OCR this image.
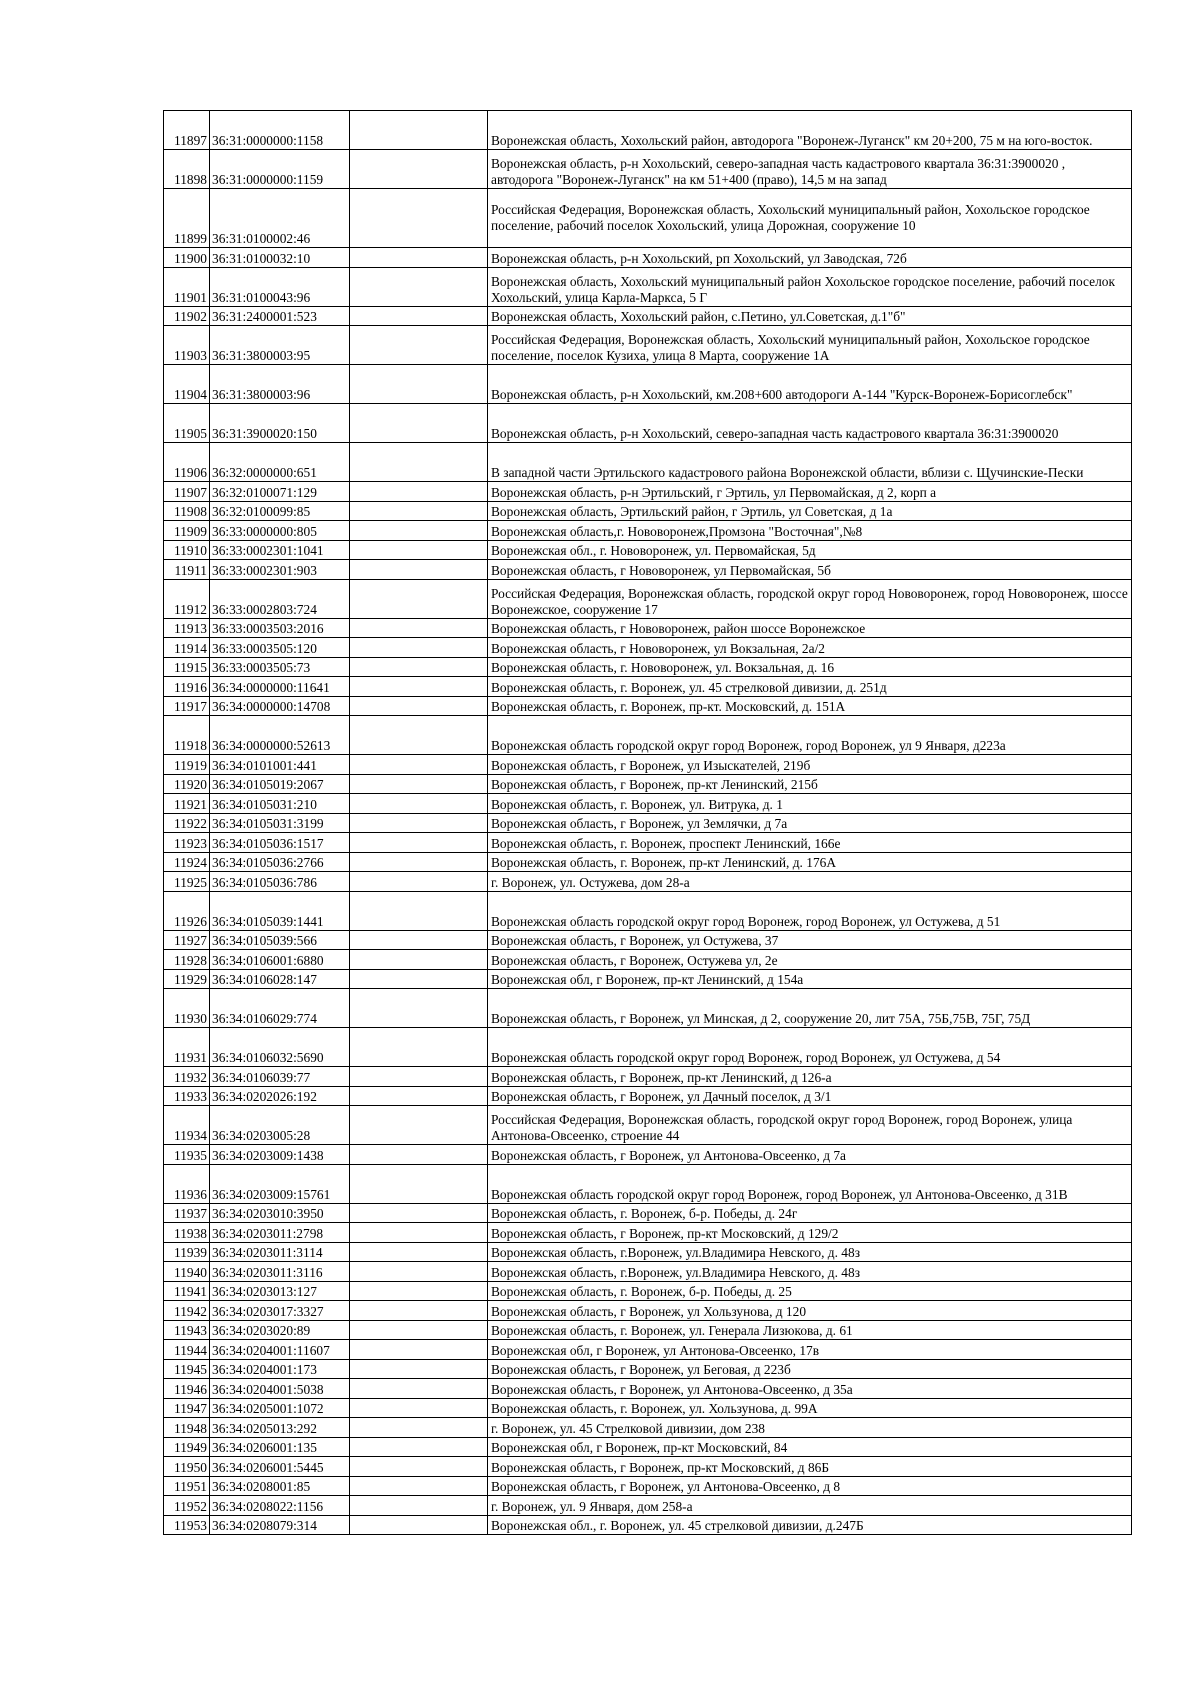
11897	36:31:0000000:1158		Воронежская область, Хохольский район, автодорога "Воронеж-Луганск" км 20+200, 75 м на юго-восток.
11898	36:31:0000000:1159		Воронежская область, р-н Хохольский, северо-западная часть кадастрового квартала 36:31:3900020 , автодорога "Воронеж-Луганск" на км 51+400 (право), 14,5 м на запад
11899	36:31:0100002:46		Российская Федерация, Воронежская область, Хохольский муниципальный район, Хохольское городское поселение, рабочий поселок Хохольский, улица Дорожная, сооружение 10
11900	36:31:0100032:10		Воронежская область, р-н Хохольский, рп Хохольский, ул Заводская, 72б
11901	36:31:0100043:96		Воронежская область, Хохольский муниципальный район Хохольское городское поселение, рабочий поселок Хохольский, улица Карла-Маркса, 5 Г
11902	36:31:2400001:523		Воронежская область, Хохольский район, с.Петино, ул.Советская, д.1"б"
11903	36:31:3800003:95		Российская Федерация, Воронежская область, Хохольский муниципальный район, Хохольское городское поселение, поселок Кузиха, улица 8 Марта, сооружение 1А
11904	36:31:3800003:96		Воронежская область, р-н Хохольский, км.208+600 автодороги А-144 "Курск-Воронеж-Борисоглебск"
11905	36:31:3900020:150		Воронежская область, р-н Хохольский, северо-западная часть кадастрового квартала 36:31:3900020
11906	36:32:0000000:651		В западной части Эртильского кадастрового района Воронежской области, вблизи с. Щучинские-Пески
11907	36:32:0100071:129		Воронежская область, р-н Эртильский, г Эртиль, ул Первомайская, д 2, корп а
11908	36:32:0100099:85		Воронежская область, Эртильский район, г Эртиль, ул Советская, д 1а
11909	36:33:0000000:805		Воронежская область,г. Нововоронеж,Промзона "Восточная",№8
11910	36:33:0002301:1041		Воронежская обл., г. Нововоронеж, ул. Первомайская, 5д
11911	36:33:0002301:903		Воронежская область, г Нововоронеж, ул Первомайская, 5б
11912	36:33:0002803:724		Российская Федерация, Воронежская область, городской округ город Нововоронеж, город Нововоронеж, шоссе Воронежское, сооружение 17
11913	36:33:0003503:2016		Воронежская область, г Нововоронеж, район шоссе Воронежское
11914	36:33:0003505:120		Воронежская область, г Нововоронеж, ул Вокзальная, 2а/2
11915	36:33:0003505:73		Воронежская область, г. Нововоронеж, ул. Вокзальная, д. 16
11916	36:34:0000000:11641		Воронежская область, г. Воронеж, ул. 45 стрелковой дивизии, д. 251д
11917	36:34:0000000:14708		Воронежская область, г. Воронеж, пр-кт. Московский, д. 151А
11918	36:34:0000000:52613		Воронежская область городской округ город Воронеж, город Воронеж, ул 9 Января, д223а
11919	36:34:0101001:441		Воронежская область, г Воронеж, ул Изыскателей, 219б
11920	36:34:0105019:2067		Воронежская область, г Воронеж, пр-кт Ленинский, 215б
11921	36:34:0105031:210		Воронежская область, г. Воронеж, ул. Витрука, д. 1
11922	36:34:0105031:3199		Воронежская область, г Воронеж, ул Землячки, д 7а
11923	36:34:0105036:1517		Воронежская область, г. Воронеж, проспект Ленинский, 166е
11924	36:34:0105036:2766		Воронежская область, г. Воронеж, пр-кт Ленинский, д. 176А
11925	36:34:0105036:786		г. Воронеж, ул. Остужева, дом 28-а
11926	36:34:0105039:1441		Воронежская область городской округ город Воронеж, город Воронеж, ул Остужева, д 51
11927	36:34:0105039:566		Воронежская область, г Воронеж, ул Остужева, 37
11928	36:34:0106001:6880		Воронежская область, г Воронеж, Остужева ул, 2е
11929	36:34:0106028:147		Воронежская обл, г Воронеж, пр-кт Ленинский, д 154а
11930	36:34:0106029:774		Воронежская область, г Воронеж, ул Минская, д 2, сооружение 20, лит 75А, 75Б,75В, 75Г, 75Д
11931	36:34:0106032:5690		Воронежская область городской округ город Воронеж, город Воронеж, ул Остужева, д 54
11932	36:34:0106039:77		Воронежская область, г Воронеж, пр-кт Ленинский, д 126-а
11933	36:34:0202026:192		Воронежская область, г Воронеж, ул Дачный поселок, д 3/1
11934	36:34:0203005:28		Российская Федерация, Воронежская область, городской округ город Воронеж, город Воронеж, улица Антонова-Овсеенко, строение 44
11935	36:34:0203009:1438		Воронежская область, г Воронеж, ул Антонова-Овсеенко, д 7а
11936	36:34:0203009:15761		Воронежская область городской округ город Воронеж, город Воронеж, ул Антонова-Овсеенко, д 31В
11937	36:34:0203010:3950		Воронежская область, г. Воронеж, б-р. Победы, д. 24г
11938	36:34:0203011:2798		Воронежская область, г Воронеж, пр-кт Московский, д 129/2
11939	36:34:0203011:3114		Воронежская область, г.Воронеж, ул.Владимира Невского, д. 48з
11940	36:34:0203011:3116		Воронежская область, г.Воронеж, ул.Владимира Невского, д. 48з
11941	36:34:0203013:127		Воронежская область, г. Воронеж, б-р. Победы, д. 25
11942	36:34:0203017:3327		Воронежская область, г Воронеж, ул Хользунова, д 120
11943	36:34:0203020:89		Воронежская область, г. Воронеж, ул. Генерала Лизюкова, д. 61
11944	36:34:0204001:11607		Воронежская обл, г Воронеж, ул Антонова-Овсеенко, 17в
11945	36:34:0204001:173		Воронежская область, г Воронеж, ул Беговая, д 223б
11946	36:34:0204001:5038		Воронежская область, г Воронеж, ул Антонова-Овсеенко, д 35а
11947	36:34:0205001:1072		Воронежская область, г. Воронеж, ул. Хользунова, д. 99А
11948	36:34:0205013:292		г. Воронеж, ул. 45 Стрелковой дивизии, дом 238
11949	36:34:0206001:135		Воронежская обл, г Воронеж, пр-кт Московский, 84
11950	36:34:0206001:5445		Воронежская область, г Воронеж, пр-кт Московский, д 86Б
11951	36:34:0208001:85		Воронежская область, г Воронеж, ул Антонова-Овсеенко, д 8
11952	36:34:0208022:1156		г. Воронеж, ул. 9 Января, дом 258-а
11953	36:34:0208079:314		Воронежская обл., г. Воронеж, ул. 45 стрелковой дивизии, д.247Б
